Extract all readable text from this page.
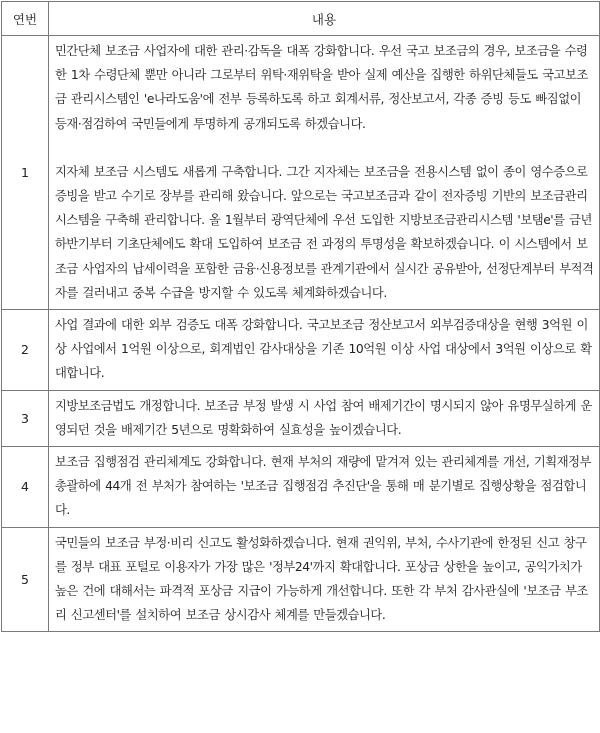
연번	내용
1	민간단체 보조금 사업자에 대한 관리·감독을 대폭 강화합니다. 우선 국고 보조금의 경우, 보조금을 수령한 1차 수령단체 뿐만 아니라 그로부터 위탁·재위탁을 받아 실제 예산을 집행한 하위단체들도 국고보조금 관리시스템인 'e나라도움'에 전부 등록하도록 하고 회계서류, 정산보고서, 각종 증빙 등도 빠짐없이 등재·점검하여 국민들에게 투명하게 공개되도록 하겠습니다.

지자체 보조금 시스템도 새롭게 구축합니다. 그간 지자체는 보조금을 전용시스템 없이 종이 영수증으로 증빙을 받고 수기로 장부를 관리해 왔습니다. 앞으로는 국고보조금과 같이 전자증빙 기반의 보조금관리시스템을 구축해 관리합니다. 올 1월부터 광역단체에 우선 도입한 지방보조금관리시스템 '보탬e'를 금년 하반기부터 기초단체에도 확대 도입하여 보조금 전 과정의 투명성을 확보하겠습니다. 이 시스템에서 보조금 사업자의 납세이력을 포함한 금융·신용정보를 관계기관에서 실시간 공유받아, 선정단계부터 부적격자를 걸러내고 중복 수급을 방지할 수 있도록 체계화하겠습니다.

2	사업 결과에 대한 외부 검증도 대폭 강화합니다. 국고보조금 정산보고서 외부검증대상을 현행 3억원 이상 사업에서 1억원 이상으로, 회계법인 감사대상을 기존 10억원 이상 사업 대상에서 3억원 이상으로 확대합니다.

3	지방보조금법도 개정합니다. 보조금 부정 발생 시 사업 참여 배제기간이 명시되지 않아 유명무실하게 운영되던 것을 배제기간 5년으로 명확화하여 실효성을 높이겠습니다.

4	보조금 집행점검 관리체계도 강화합니다. 현재 부처의 재량에 맡겨져 있는 관리체계를 개선, 기획재정부 총괄하에 44개 전 부처가 참여하는 '보조금 집행점검 추진단'을 통해 매 분기별로 집행상황을 점검합니다.

5	국민들의 보조금 부정·비리 신고도 활성화하겠습니다. 현재 권익위, 부처, 수사기관에 한정된 신고 창구를 정부 대표 포털로 이용자가 가장 많은 '정부24'까지 확대합니다. 포상금 상한을 높이고, 공익가치가 높은 건에 대해서는 파격적 포상금 지급이 가능하게 개선합니다. 또한 각 부처 감사관실에 '보조금 부조리 신고센터'를 설치하여 보조금 상시감사 체계를 만들겠습니다.
